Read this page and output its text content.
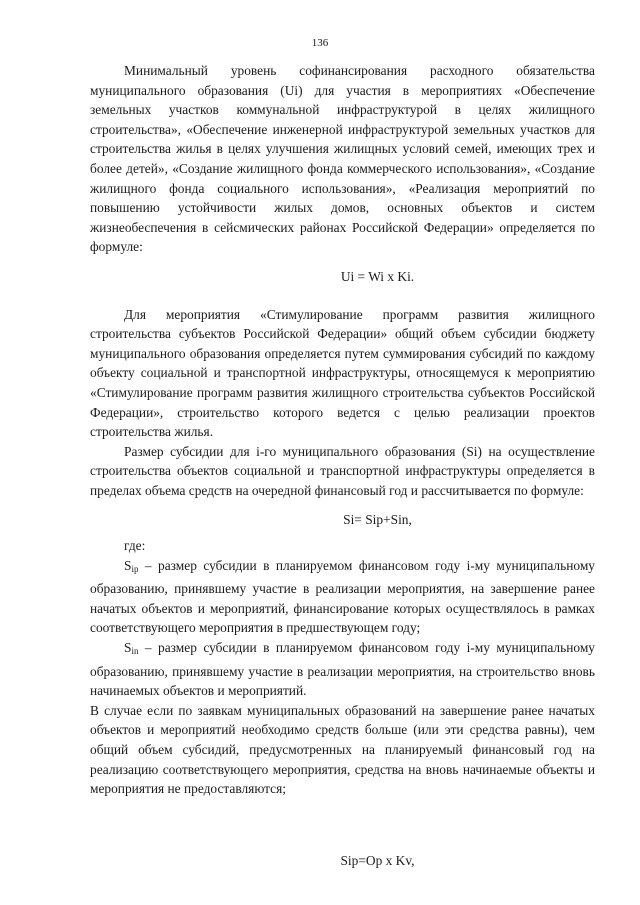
136

Минимальный уровень софинансирования расходного обязательства муниципального образования (Ui) для участия в мероприятиях «Обеспечение земельных участков коммунальной инфраструктурой в целях жилищного строительства», «Обеспечение инженерной инфраструктурой земельных участков для строительства жилья в целях улучшения жилищных условий семей, имеющих трех и более детей», «Создание жилищного фонда коммерческого использования», «Создание жилищного фонда социального использования», «Реализация мероприятий по повышению устойчивости жилых домов, основных объектов и систем жизнеобеспечения в сейсмических районах Российской Федерации» определяется по формуле:

Ui = Wi x Ki.

Для мероприятия «Стимулирование программ развития жилищного строительства субъектов Российской Федерации» общий объем субсидии бюджету муниципального образования определяется путем суммирования субсидий по каждому объекту социальной и транспортной инфраструктуры, относящемуся к мероприятию «Стимулирование программ развития жилищного строительства субъектов Российской Федерации», строительство которого ведется с целью реализации проектов строительства жилья.

Размер субсидии для i-го муниципального образования (Si) на осуществление строительства объектов социальной и транспортной инфраструктуры определяется в пределах объема средств на очередной финансовый год и рассчитывается по формуле:

Si= Sip+Sin,

где:

Sip – размер субсидии в планируемом финансовом году i-му муниципальному образованию, принявшему участие в реализации мероприятия, на завершение ранее начатых объектов и мероприятий, финансирование которых осуществлялось в рамках соответствующего мероприятия в предшествующем году;

Sin – размер субсидии в планируемом финансовом году i-му муниципальному образованию, принявшему участие в реализации мероприятия, на строительство вновь начинаемых объектов и мероприятий.

В случае если по заявкам муниципальных образований на завершение ранее начатых объектов и мероприятий необходимо средств больше (или эти средства равны), чем общий объем субсидий, предусмотренных на планируемый финансовый год на реализацию соответствующего мероприятия, средства на вновь начинаемые объекты и мероприятия не предоставляются;

Sip=Op x Kv,
